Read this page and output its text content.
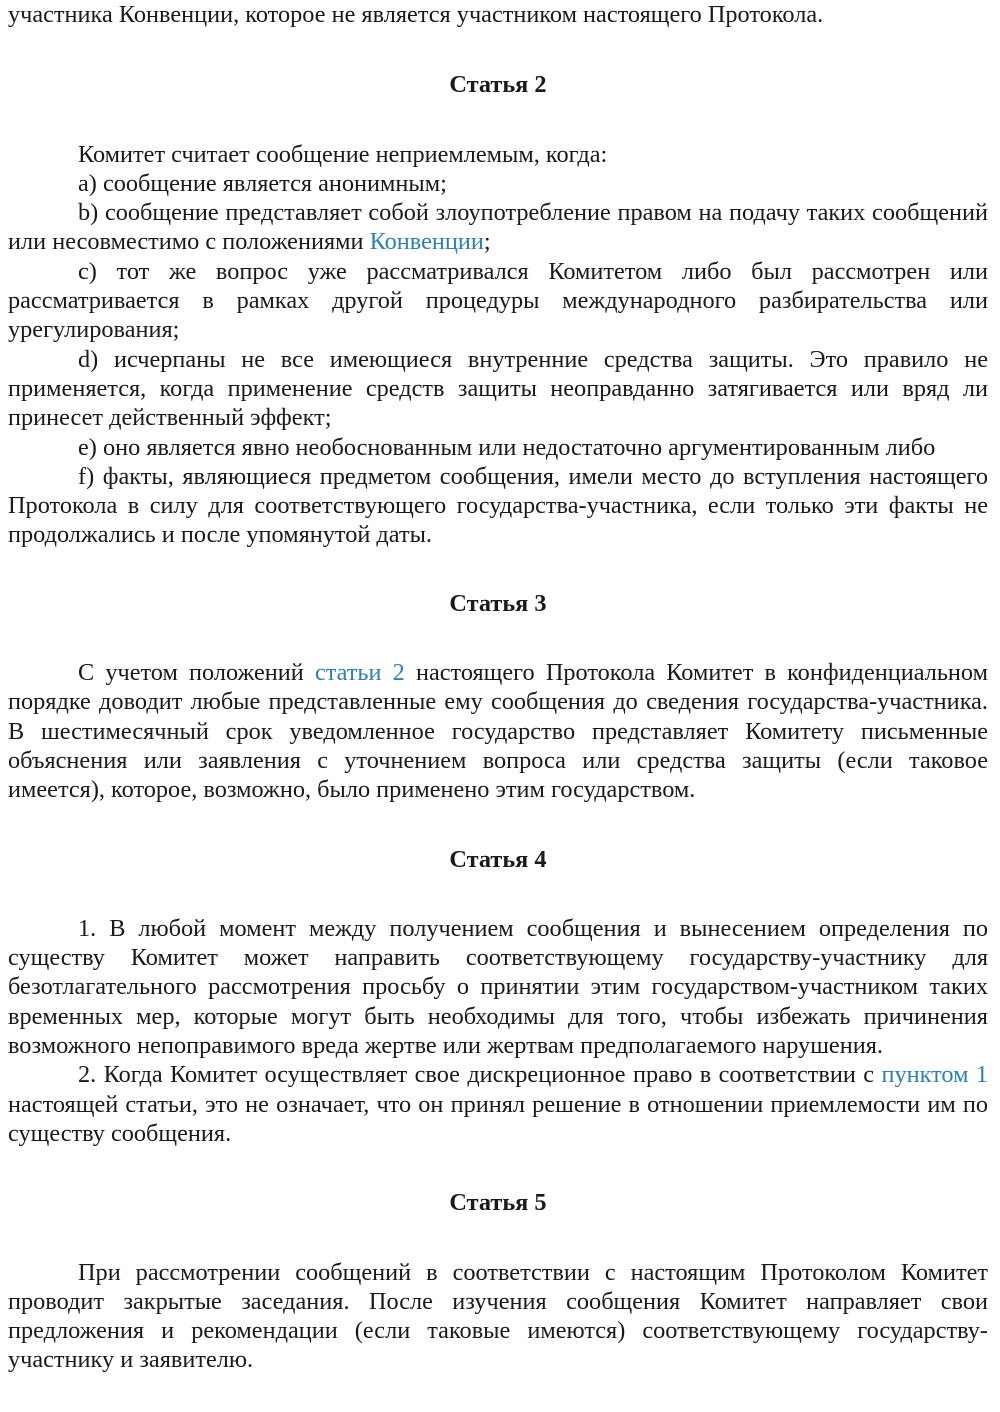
участника Конвенции, которое не является участником настоящего Протокола.

Статья 2

Комитет считает сообщение неприемлемым, когда:

a) сообщение является анонимным;

b) сообщение представляет собой злоупотребление правом на подачу таких сообщений или несовместимо с положениями Конвенции;

c) тот же вопрос уже рассматривался Комитетом либо был рассмотрен или рассматривается в рамках другой процедуры международного разбирательства или урегулирования;

d) исчерпаны не все имеющиеся внутренние средства защиты. Это правило не применяется, когда применение средств защиты неоправданно затягивается или вряд ли принесет действенный эффект;

e) оно является явно необоснованным или недостаточно аргументированным либо

f) факты, являющиеся предметом сообщения, имели место до вступления настоящего Протокола в силу для соответствующего государства-участника, если только эти факты не продолжались и после упомянутой даты.

Статья 3

С учетом положений статьи 2 настоящего Протокола Комитет в конфиденциальном порядке доводит любые представленные ему сообщения до сведения государства-участника. В шестимесячный срок уведомленное государство представляет Комитету письменные объяснения или заявления с уточнением вопроса или средства защиты (если таковое имеется), которое, возможно, было применено этим государством.

Статья 4

1. В любой момент между получением сообщения и вынесением определения по существу Комитет может направить соответствующему государству-участнику для безотлагательного рассмотрения просьбу о принятии этим государством-участником таких временных мер, которые могут быть необходимы для того, чтобы избежать причинения возможного непоправимого вреда жертве или жертвам предполагаемого нарушения.

2. Когда Комитет осуществляет свое дискреционное право в соответствии с пунктом 1 настоящей статьи, это не означает, что он принял решение в отношении приемлемости им по существу сообщения.

Статья 5

При рассмотрении сообщений в соответствии с настоящим Протоколом Комитет проводит закрытые заседания. После изучения сообщения Комитет направляет свои предложения и рекомендации (если таковые имеются) соответствующему государству-участнику и заявителю.
